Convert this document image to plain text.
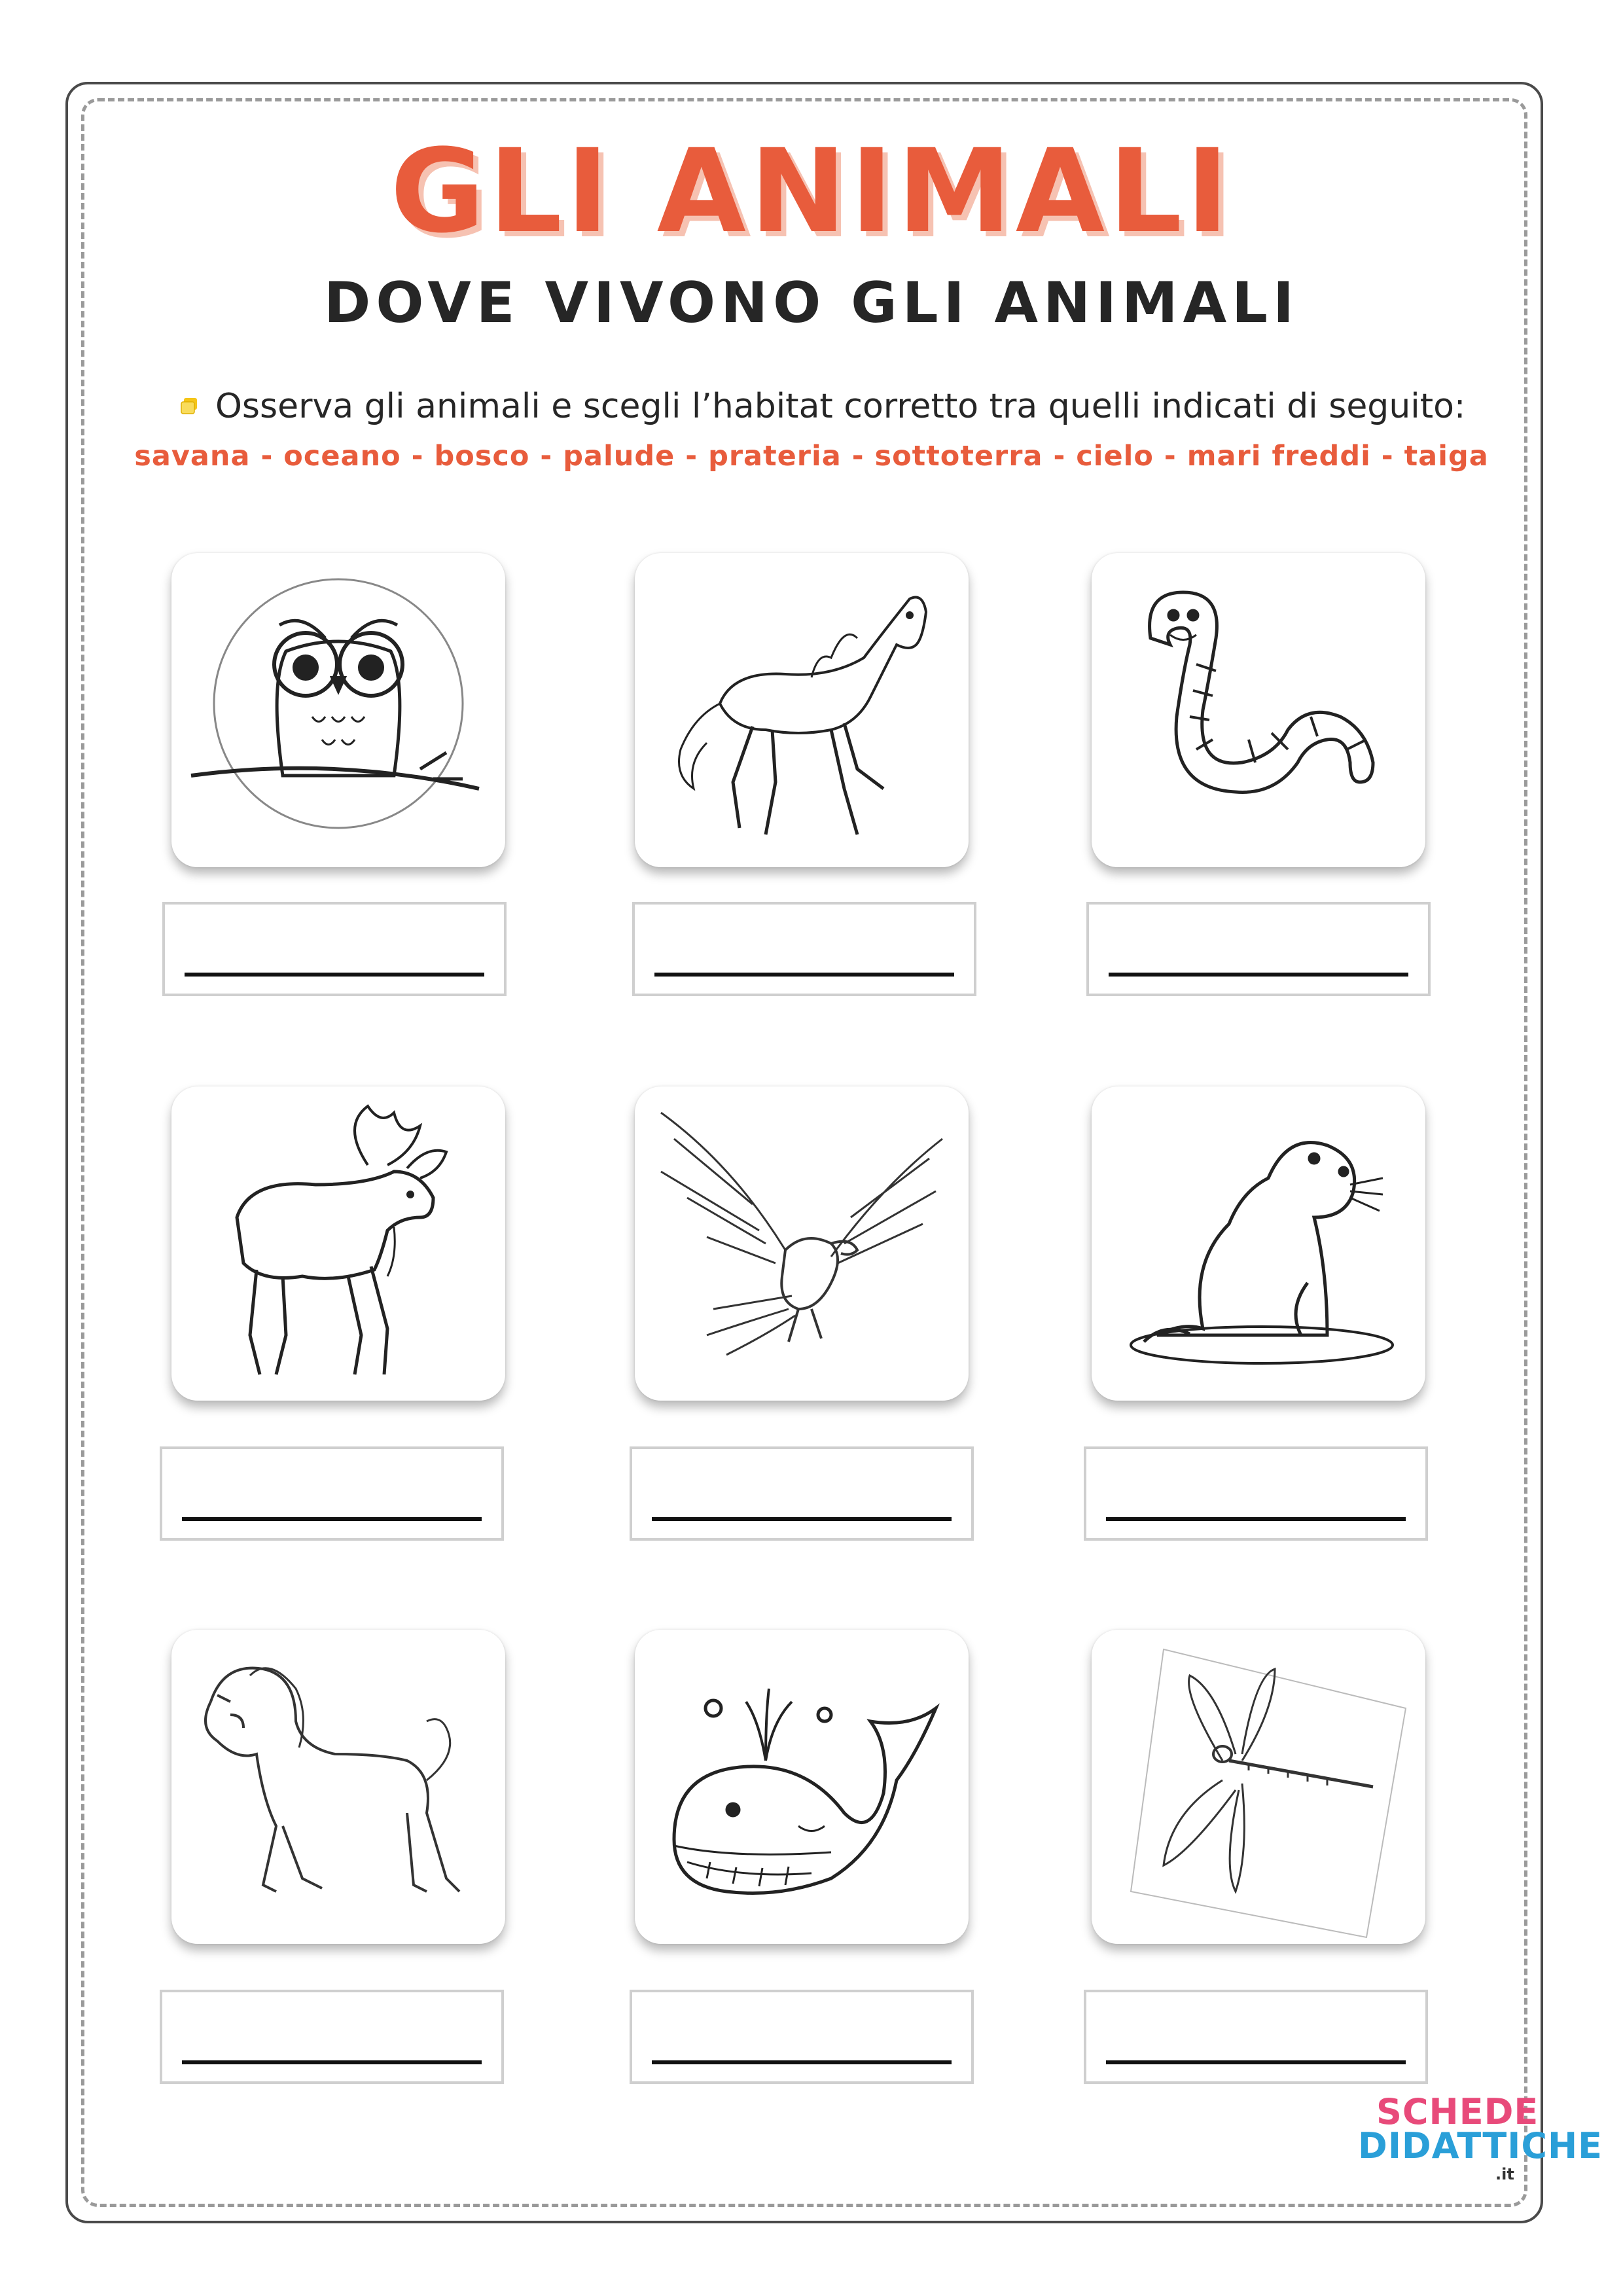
GLI ANIMALI
DOVE VIVONO GLI ANIMALI
Osserva gli animali e scegli l’habitat corretto tra quelli indicati di seguito:
savana - oceano - bosco - palude - prateria - sottoterra - cielo - mari freddi - taiga
SCHEDE
DIDATTICHE
.it
